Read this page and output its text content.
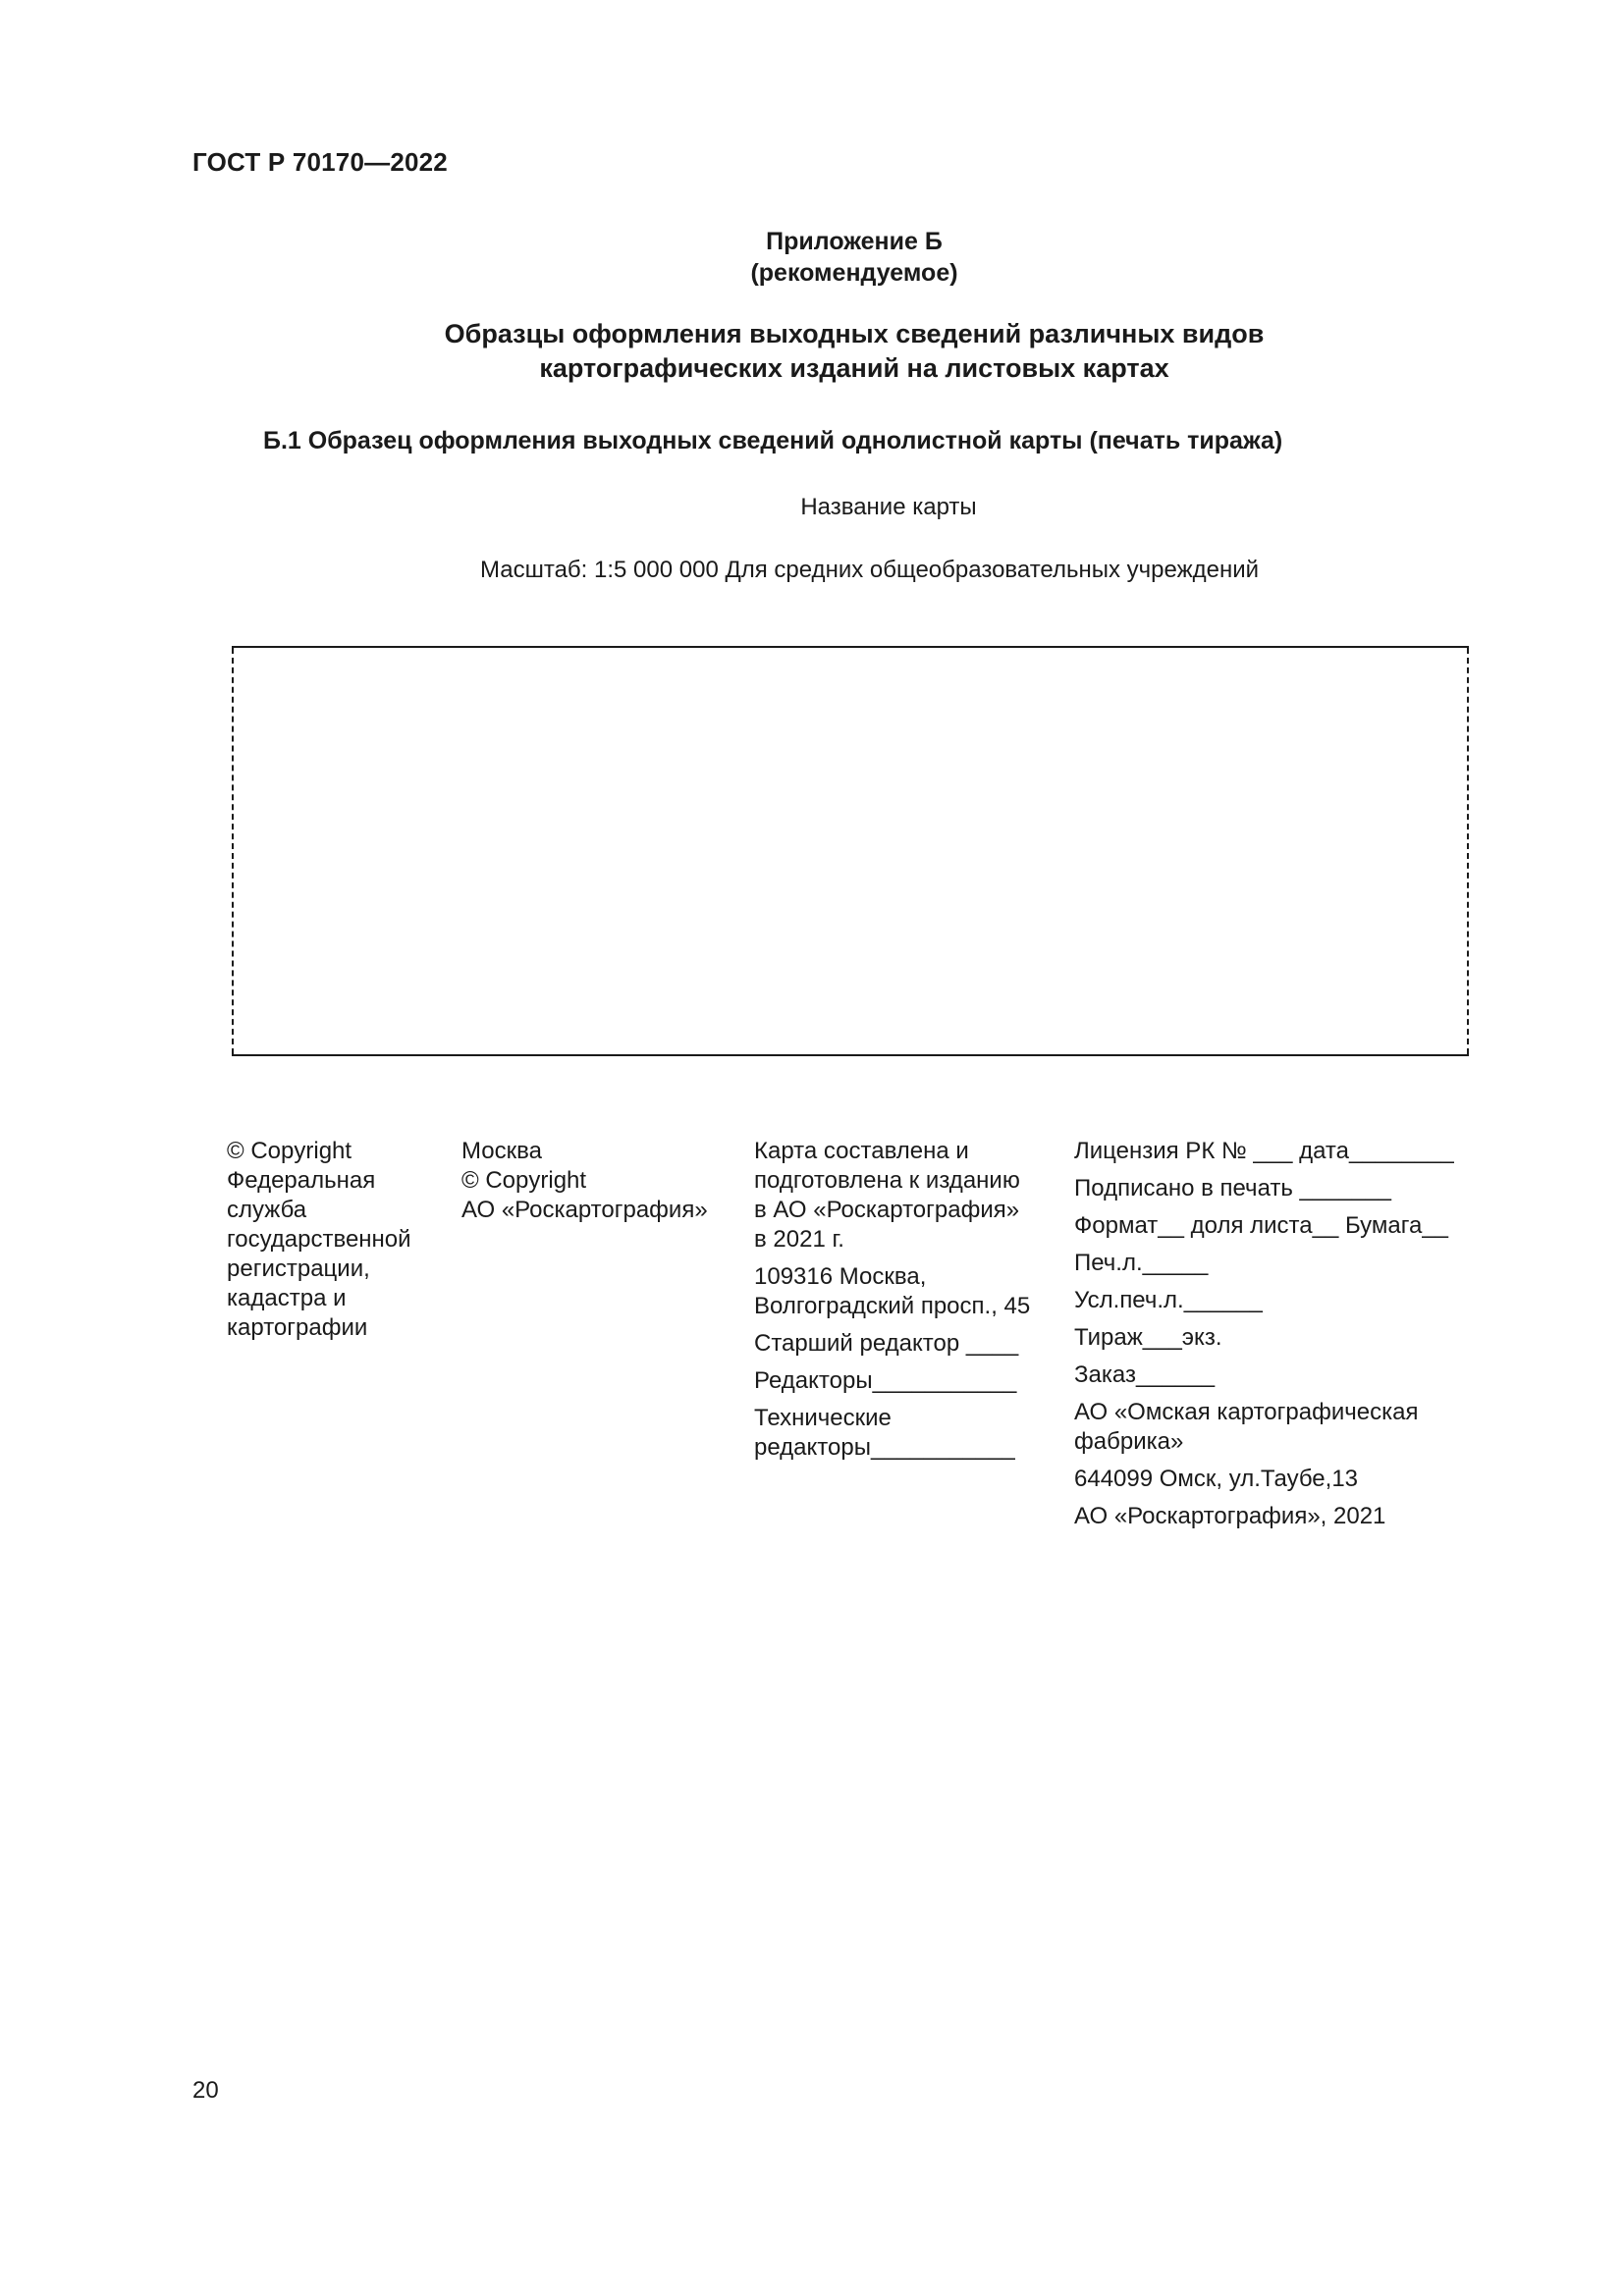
ГОСТ Р 70170—2022
Приложение Б
(рекомендуемое)
Образцы оформления выходных сведений различных видов
картографических изданий на листовых картах
Б.1 Образец оформления выходных сведений однолистной карты (печать тиража)
Название карты
Масштаб: 1:5 000 000 Для средних общеобразовательных учреждений
© Copyright
Федеральная
служба
государственной
регистрации,
кадастра и
картографии
Москва
© Copyright
АО «Роскартография»
Карта составлена и
подготовлена к изданию
в АО «Роскартография»
в 2021 г.
109316 Москва,
Волгоградский просп., 45
Старший редактор ____
Редакторы___________
Технические
редакторы___________
Лицензия РК № ___ дата________
Подписано в печать _______
Формат__ доля листа__ Бумага__
Печ.л._____
Усл.печ.л.______
Тираж___экз.
Заказ______
АО «Омская картографическая
фабрика»
644099 Омск, ул.Таубе,13
АО «Роскартография», 2021
20
